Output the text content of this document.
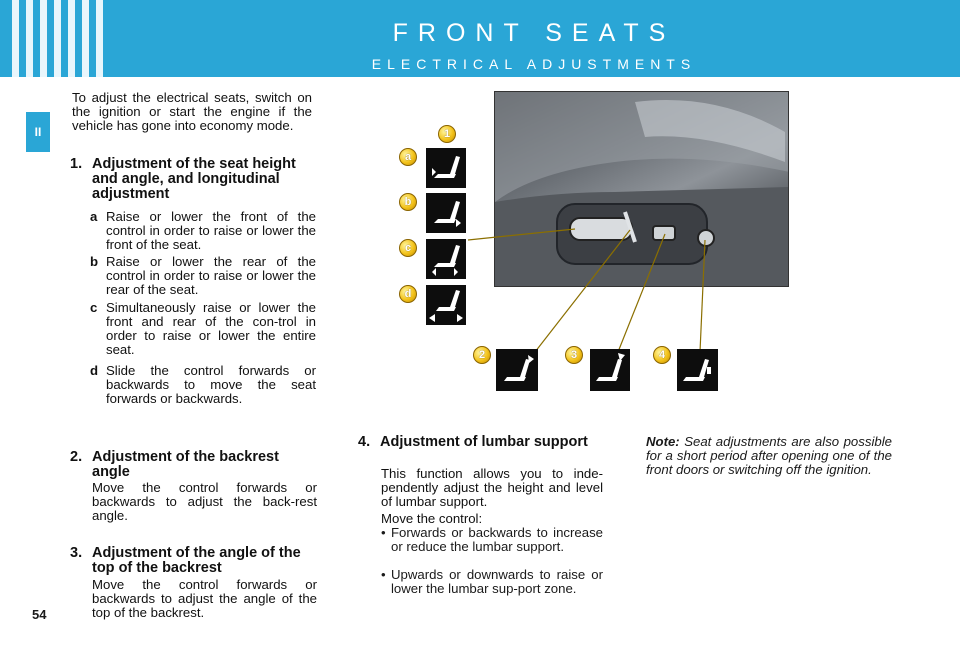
FRONT SEATS
ELECTRICAL ADJUSTMENTS
II
To adjust the electrical seats, switch on the ignition or start the engine if the vehicle has gone into economy mode.
1. Adjustment of the seat height and angle, and longitudinal adjustment
a Raise or lower the front of the control in order to raise or lower the front of the seat.
b Raise or lower the rear of the control in order to raise or lower the rear of the seat.
c Simultaneously raise or lower the front and rear of the con-trol in order to raise or lower the entire seat.
d Slide the control forwards or backwards to move the seat forwards or backwards.
2. Adjustment of the backrest angle
Move the control forwards or backwards to adjust the back-rest angle.
3. Adjustment of the angle of the top of the backrest
Move the control forwards or backwards to adjust the angle of the top of the backrest.
54
4. Adjustment of lumbar support
This function allows you to inde-pendently adjust the height and level of lumbar support.
Move the control:
• Forwards or backwards to increase or reduce the lumbar support.
• Upwards or downwards to raise or lower the lumbar sup-port zone.
Note: Seat adjustments are also possible for a short period after opening one of the front doors or switching off the ignition.
1
a
b
c
d
2	3	4
